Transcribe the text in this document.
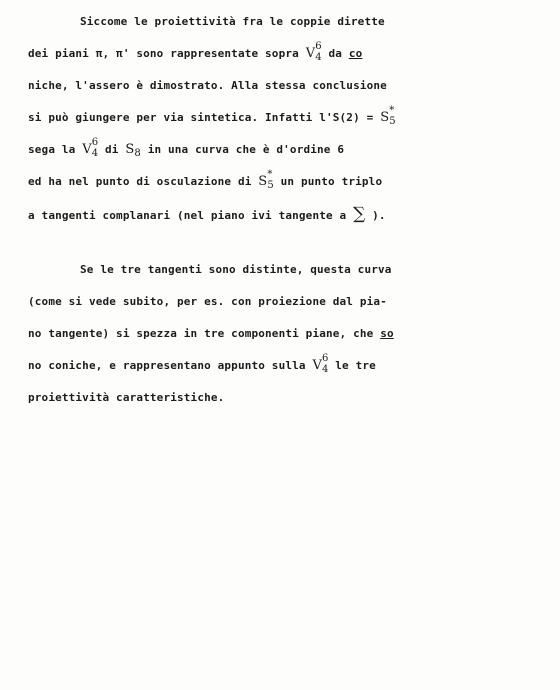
Siccome le proiettività fra le coppie dirette
dei piani π, π' sono rappresentate sopra V 6
4 da co
niche, l'assero è dimostrato. Alla stessa conclusione
si può giungere per via sintetica. Infatti l'S(2) = S *
5
sega la V 6
4 di S
8 in una curva che è d'ordine 6
ed ha nel punto di osculazione di S *
5 un punto triplo
a tangenti complanari (nel piano ivi tangente a ∑ ).
Se le tre tangenti sono distinte, questa curva
(come si vede subito, per es. con proiezione dal pia-
no tangente) si spezza in tre componenti piane, che so
no coniche, e rappresentano appunto sulla V 6
4 le tre
proiettività caratteristiche.
